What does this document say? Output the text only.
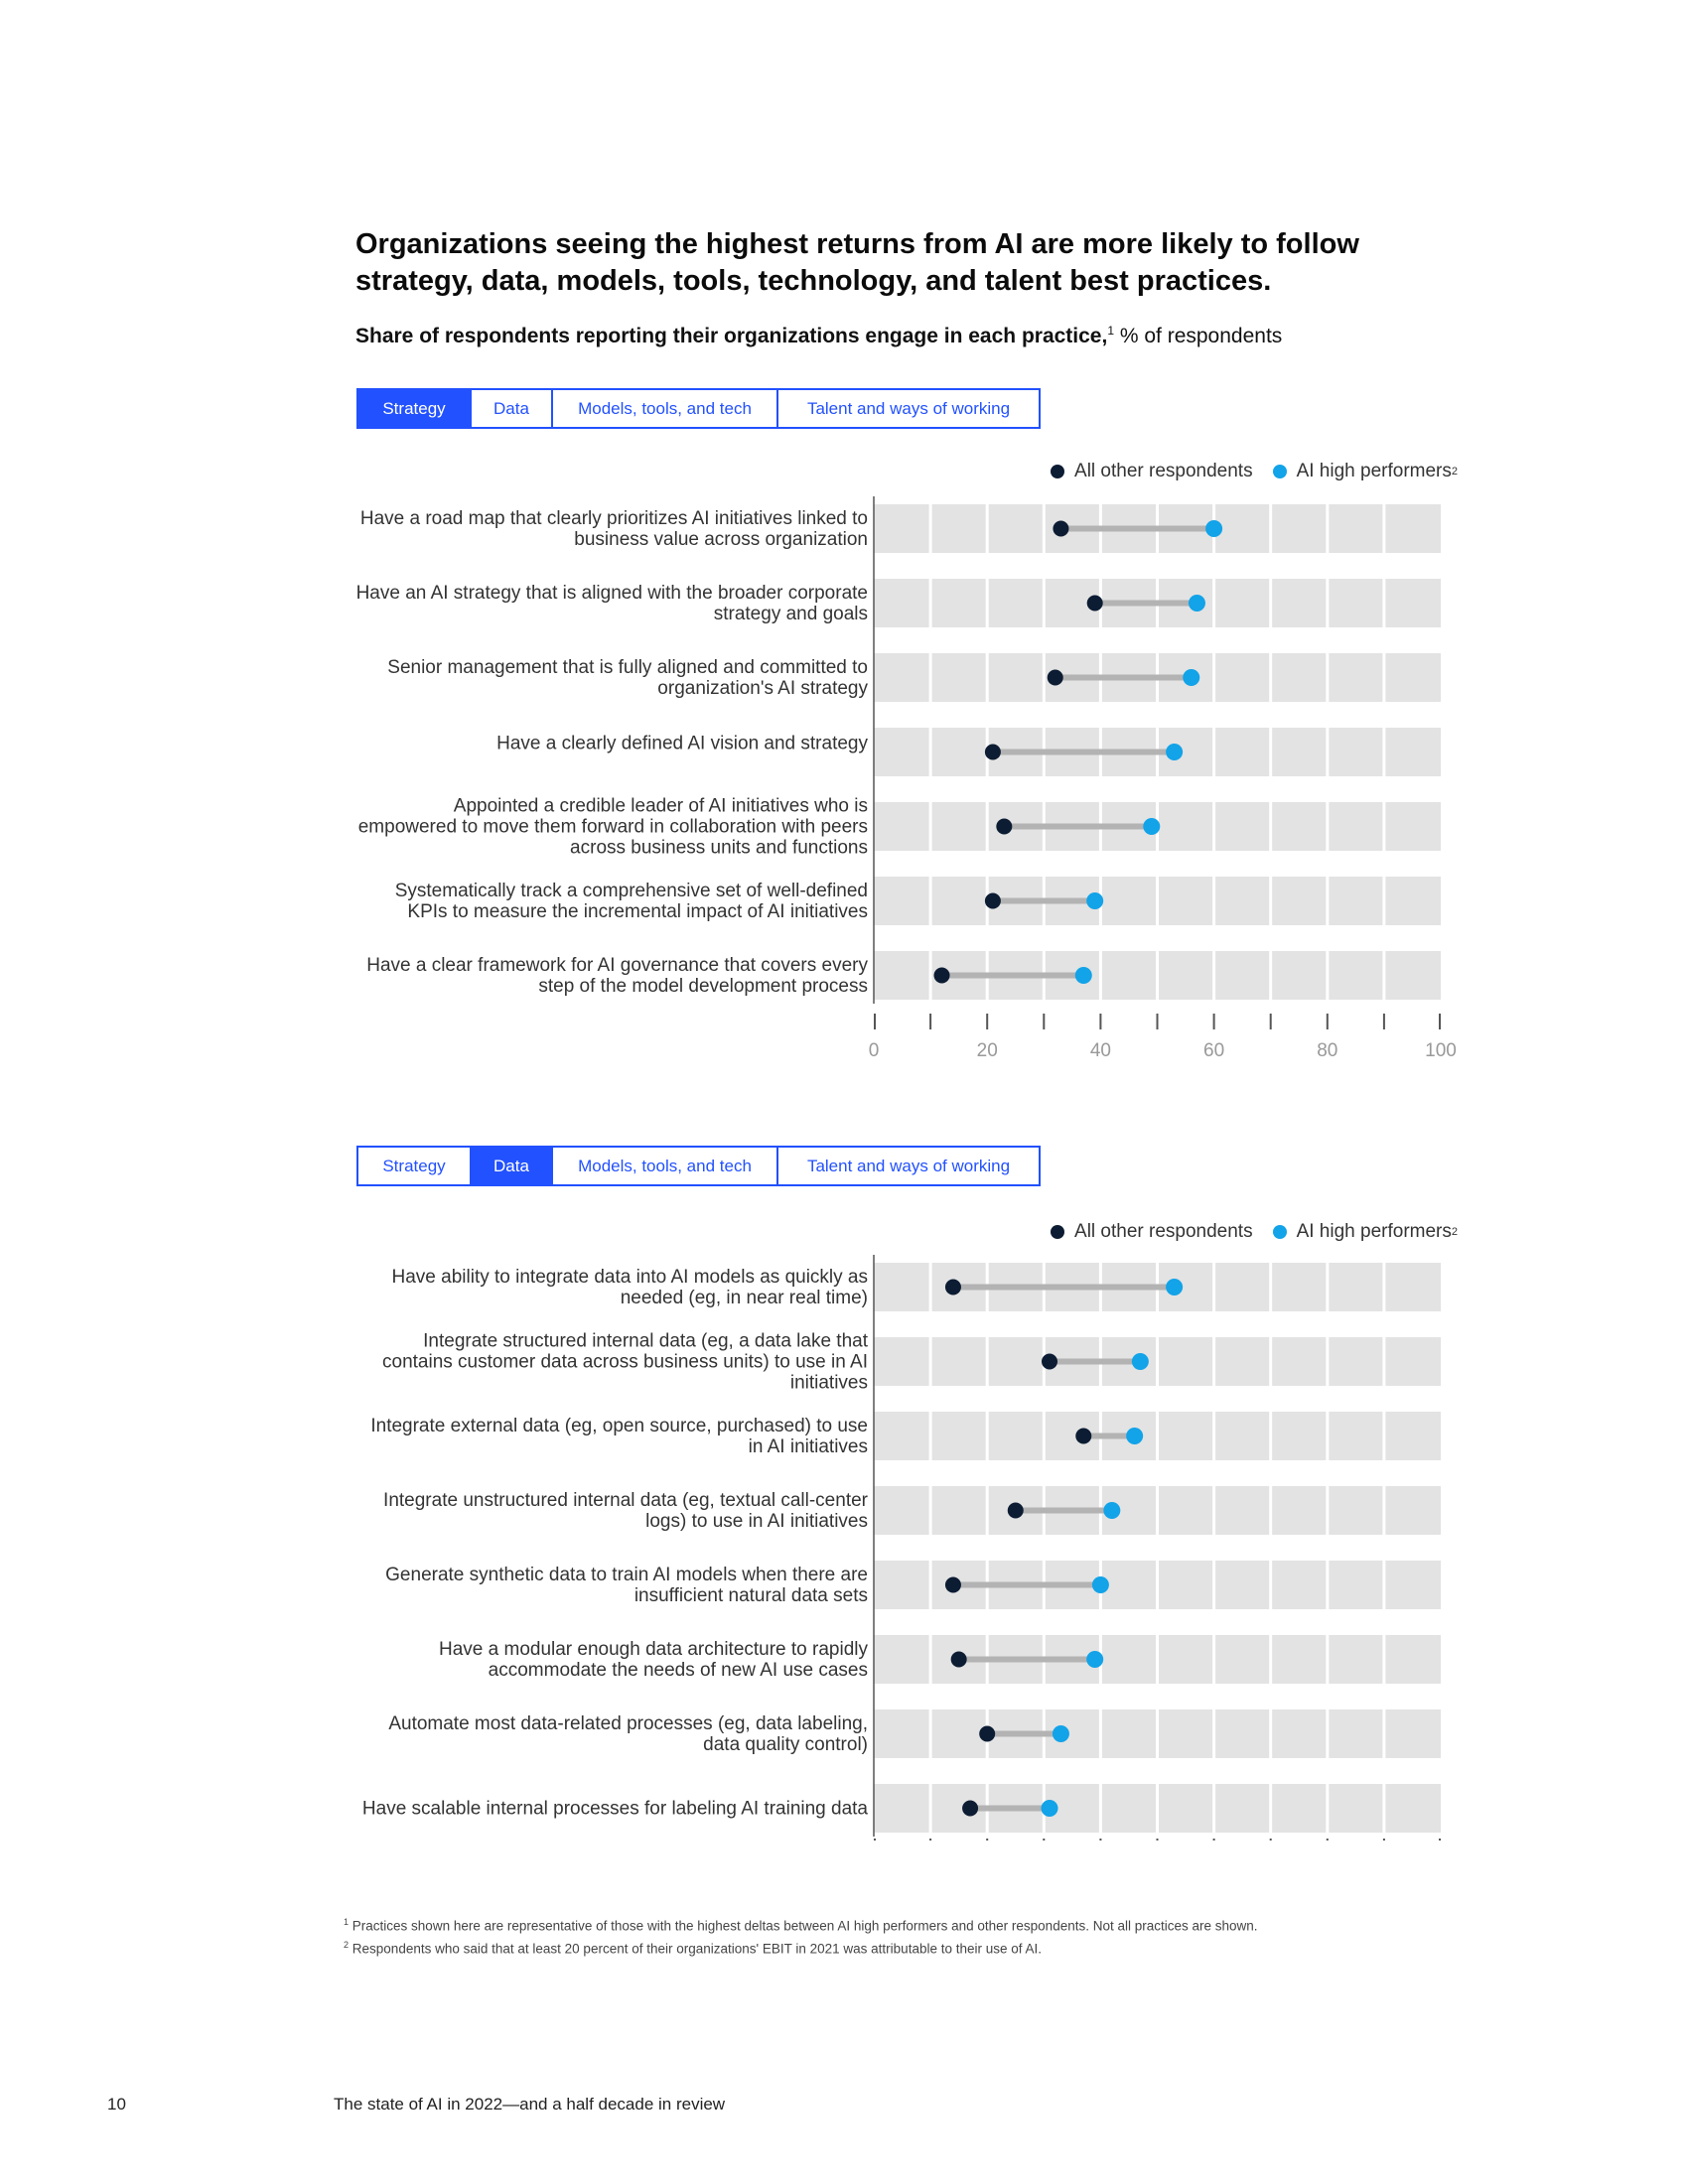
Organizations seeing the highest returns from AI are more likely to follow strategy, data, models, tools, technology, and talent best practices.
Share of respondents reporting their organizations engage in each practice,$^1$ % of respondents
Strategy	Data	Models, tools, and tech	Talent and ways of working
All other respondents AI high performers 2
Have a road map that clearly prioritizes AI initiatives linked to business value across organization
Have an AI strategy that is aligned with the broader corporate strategy and goals
Senior management that is fully aligned and committed to organization's AI strategy
Have a clearly defined AI vision and strategy
Appointed a credible leader of AI initiatives who is empowered to move them forward in collaboration with peers across business units and functions
Systematically track a comprehensive set of well-defined KPIs to measure the incremental impact of AI initiatives
Have a clear framework for AI governance that covers every step of the model development process
0	20	40	60	80	100
Strategy	Data	Models, tools, and tech	Talent and ways of working
All other respondents AI high performers 2
Have ability to integrate data into AI models as quickly as needed (eg, in near real time)
Integrate structured internal data (eg, a data lake that contains customer data across business units) to use in AI initiatives
Integrate external data (eg, open source, purchased) to use in AI initiatives
Integrate unstructured internal data (eg, textual call-center logs) to use in AI initiatives
Generate synthetic data to train AI models when there are insufficient natural data sets
Have a modular enough data architecture to rapidly accommodate the needs of new AI use cases
Automate most data-related processes (eg, data labeling, data quality control)
Have scalable internal processes for labeling AI training data
$^1$ Practices shown here are representative of those with the highest deltas between AI high performers and other respondents. Not all practices are shown.
$^2$ Respondents who said that at least 20 percent of their organizations' EBIT in 2021 was attributable to their use of AI.
10	The state of AI in 2022—and a half decade in review
